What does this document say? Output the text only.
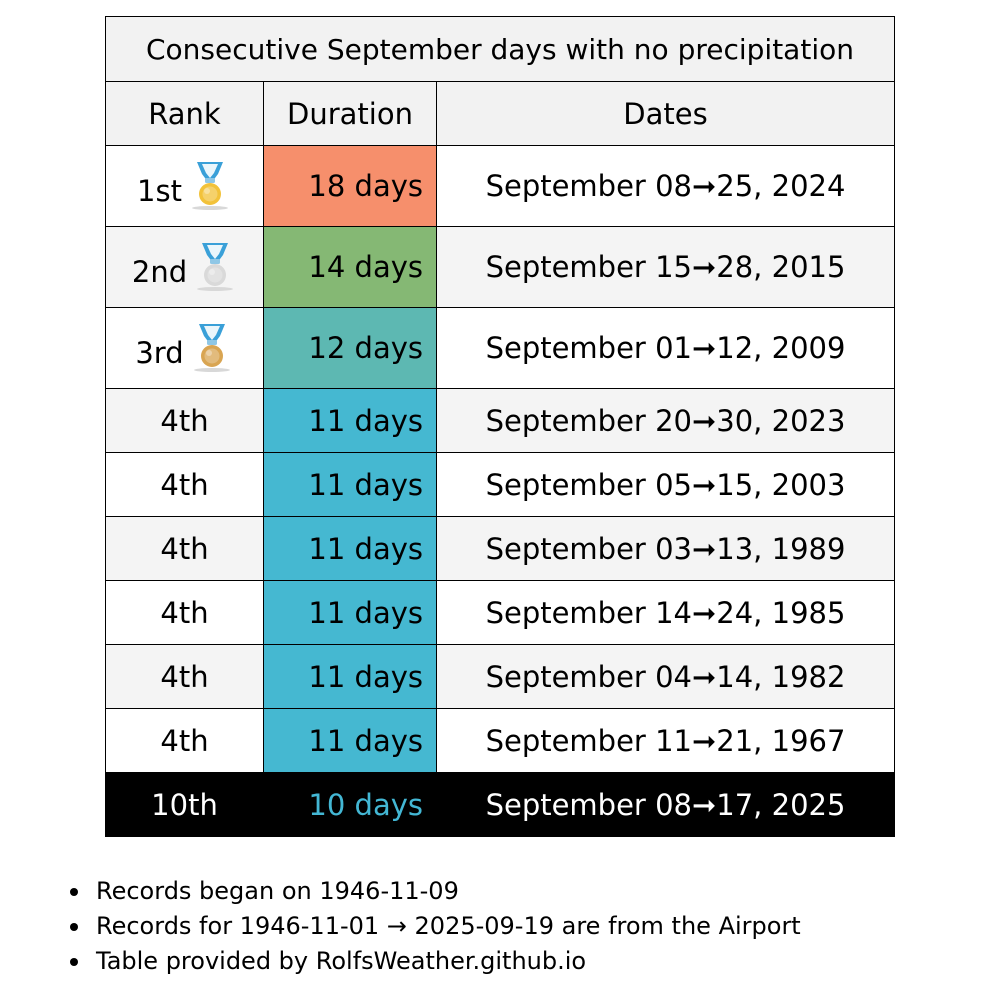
Consecutive September days with no precipitation		
Rank	Duration	Dates

1st	18 days	September 08➞25, 2024

2nd	14 days	September 15➞28, 2015

3rd	12 days	September 01➞12, 2009
4th	11 days	September 20➞30, 2023
4th	11 days	September 05➞15, 2003
4th	11 days	September 03➞13, 1989
4th	11 days	September 14➞24, 1985
4th	11 days	September 04➞14, 1982
4th	11 days	September 11➞21, 1967
10th	10 days	September 08➞17, 2025
Records began on 1946-11-09
Records for 1946-11-01 → 2025-09-19 are from the Airport
Table provided by RolfsWeather.github.io
